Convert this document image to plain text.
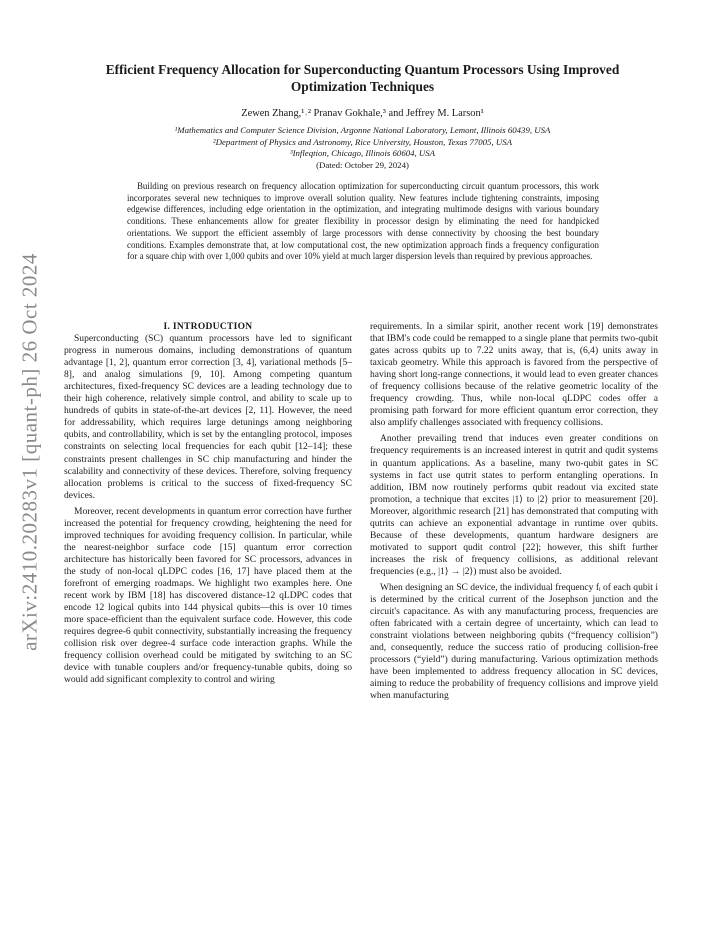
arXiv:2410.20283v1 [quant-ph] 26 Oct 2024
Efficient Frequency Allocation for Superconducting Quantum Processors Using Improved Optimization Techniques
Zewen Zhang,¹˒² Pranav Gokhale,³ and Jeffrey M. Larson¹
¹Mathematics and Computer Science Division, Argonne National Laboratory, Lemont, Illinois 60439, USA
²Department of Physics and Astronomy, Rice University, Houston, Texas 77005, USA
³Infleqtion, Chicago, Illinois 60604, USA
(Dated: October 29, 2024)
Building on previous research on frequency allocation optimization for superconducting circuit quantum processors, this work incorporates several new techniques to improve overall solution quality. New features include tightening constraints, imposing edgewise differences, including edge orientation in the optimization, and integrating multimode designs with various boundary conditions. These enhancements allow for greater flexibility in processor design by eliminating the need for handpicked orientations. We support the efficient assembly of large processors with dense connectivity by choosing the best boundary conditions. Examples demonstrate that, at low computational cost, the new optimization approach finds a frequency configuration for a square chip with over 1,000 qubits and over 10% yield at much larger dispersion levels than required by previous approaches.

I. INTRODUCTION

Superconducting (SC) quantum processors have led to significant progress in numerous domains, including demonstrations of quantum advantage [1, 2], quantum error correction [3, 4], variational methods [5–8], and analog simulations [9, 10]. Among competing quantum architectures, fixed-frequency SC devices are a leading technology due to their high coherence, relatively simple control, and ability to scale up to hundreds of qubits in state-of-the-art devices [2, 11]. However, the need for addressability, which requires large detunings among neighboring qubits, and controllability, which is set by the entangling protocol, imposes constraints on selecting local frequencies for each qubit [12–14]; these constraints present challenges in SC chip manufacturing and hinder the scalability and connectivity of these devices. Therefore, solving frequency allocation problems is critical to the success of fixed-frequency SC devices.

Moreover, recent developments in quantum error correction have further increased the potential for frequency crowding, heightening the need for improved techniques for avoiding frequency collision. In particular, while the nearest-neighbor surface code [15] quantum error correction architecture has historically been favored for SC processors, advances in the study of non-local qLDPC codes [16, 17] have placed them at the forefront of emerging roadmaps. We highlight two examples here. One recent work by IBM [18] has discovered distance-12 qLDPC codes that encode 12 logical qubits into 144 physical qubits—this is over 10 times more space-efficient than the equivalent surface code. However, this code requires degree-6 qubit connectivity, substantially increasing the frequency collision risk over degree-4 surface code interaction graphs. While the frequency collision overhead could be mitigated by switching to an SC device with tunable couplers and/or frequency-tunable qubits, doing so would add significant complexity to control and wiring

requirements. In a similar spirit, another recent work [19] demonstrates that IBM's code could be remapped to a single plane that permits two-qubit gates across qubits up to 7.22 units away, that is, (6,4) units away in taxicab geometry. While this approach is favored from the perspective of having short long-range connections, it would lead to even greater chances of frequency collisions because of the relative geometric locality of the frequency crowding. Thus, while non-local qLDPC codes offer a promising path forward for more efficient quantum error correction, they also amplify challenges associated with frequency collisions.

Another prevailing trend that induces even greater conditions on frequency requirements is an increased interest in qutrit and qudit systems in quantum applications. As a baseline, many two-qubit gates in SC systems in fact use qutrit states to perform entangling operations. In addition, IBM now routinely performs qubit readout via excited state promotion, a technique that excites |1⟩ to |2⟩ prior to measurement [20]. Moreover, algorithmic research [21] has demonstrated that computing with qutrits can achieve an exponential advantage in runtime over qubits. Because of these developments, quantum hardware designers are motivated to support qudit control [22]; however, this shift further increases the risk of frequency collisions, as additional relevant frequencies (e.g., |1⟩ → |2⟩) must also be avoided.

When designing an SC device, the individual frequency fᵢ of each qubit i is determined by the critical current of the Josephson junction and the circuit's capacitance. As with any manufacturing process, frequencies are often fabricated with a certain degree of uncertainty, which can lead to constraint violations between neighboring qubits (“frequency collision”) and, consequently, reduce the success ratio of producing collision-free processors (“yield”) during manufacturing. Various optimization methods have been implemented to address frequency allocation in SC devices, aiming to reduce the probability of frequency collisions and improve yield when manufacturing
